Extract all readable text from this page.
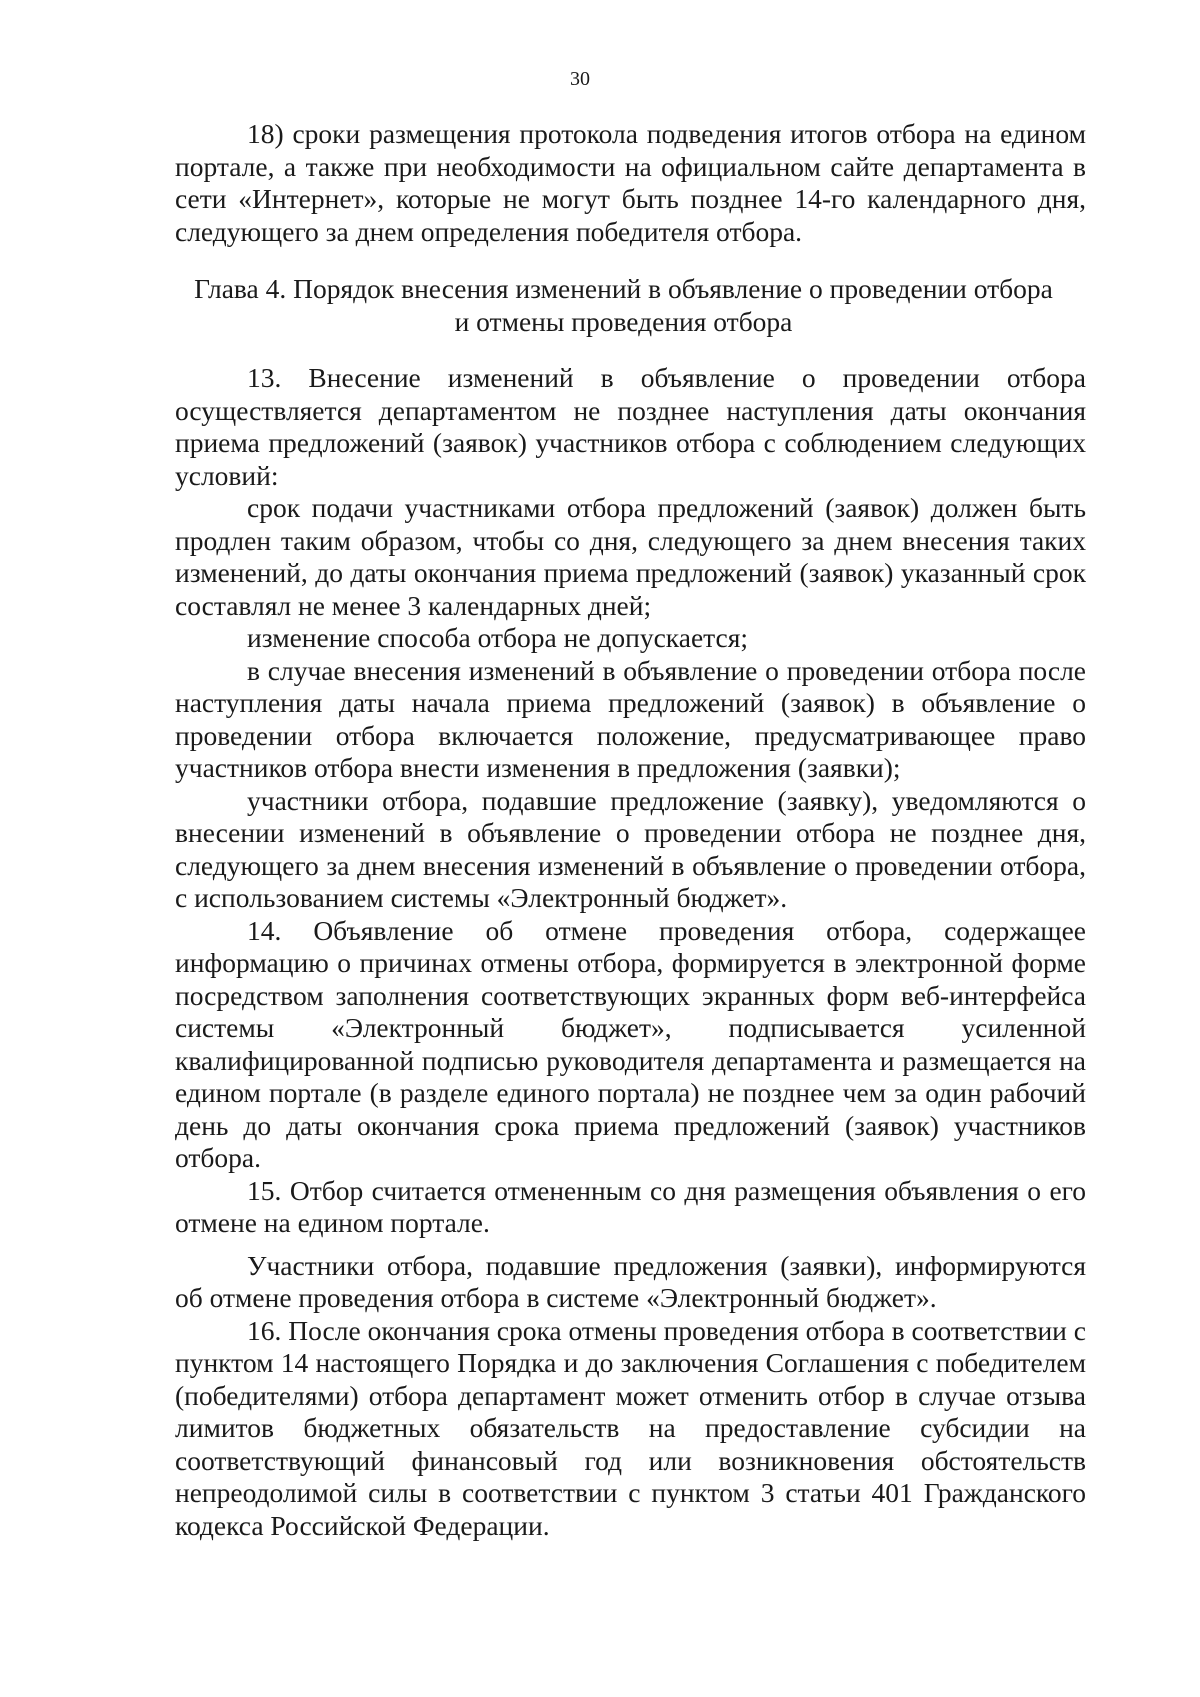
30

18) сроки размещения протокола подведения итогов отбора на едином портале, а также при необходимости на официальном сайте департамента в сети «Интернет», которые не могут быть позднее 14-го календарного дня, следующего за днем определения победителя отбора.

Глава 4. Порядок внесения изменений в объявление о проведении отбора
и отмены проведения отбора

13. Внесение изменений в объявление о проведении отбора осуществляется департаментом не позднее наступления даты окончания приема предложений (заявок) участников отбора с соблюдением следующих условий:

срок подачи участниками отбора предложений (заявок) должен быть продлен таким образом, чтобы со дня, следующего за днем внесения таких изменений, до даты окончания приема предложений (заявок) указанный срок составлял не менее 3 календарных дней;

изменение способа отбора не допускается;

в случае внесения изменений в объявление о проведении отбора после наступления даты начала приема предложений (заявок) в объявление о проведении отбора включается положение, предусматривающее право участников отбора внести изменения в предложения (заявки);

участники отбора, подавшие предложение (заявку), уведомляются о внесении изменений в объявление о проведении отбора не позднее дня, следующего за днем внесения изменений в объявление о проведении отбора, с использованием системы «Электронный бюджет».

14. Объявление об отмене проведения отбора, содержащее информацию о причинах отмены отбора, формируется в электронной форме посредством заполнения соответствующих экранных форм веб-интерфейса системы «Электронный бюджет», подписывается усиленной квалифицированной подписью руководителя департамента и размещается на едином портале (в разделе единого портала) не позднее чем за один рабочий день до даты окончания срока приема предложений (заявок) участников отбора.

15. Отбор считается отмененным со дня размещения объявления о его отмене на едином портале.

Участники отбора, подавшие предложения (заявки), информируются об отмене проведения отбора в системе «Электронный бюджет».

16. После окончания срока отмены проведения отбора в соответствии с пунктом 14 настоящего Порядка и до заключения Соглашения с победителем (победителями) отбора департамент может отменить отбор в случае отзыва лимитов бюджетных обязательств на предоставление субсидии на соответствующий финансовый год или возникновения обстоятельств непреодолимой силы в соответствии с пунктом 3 статьи 401 Гражданского кодекса Российской Федерации.
